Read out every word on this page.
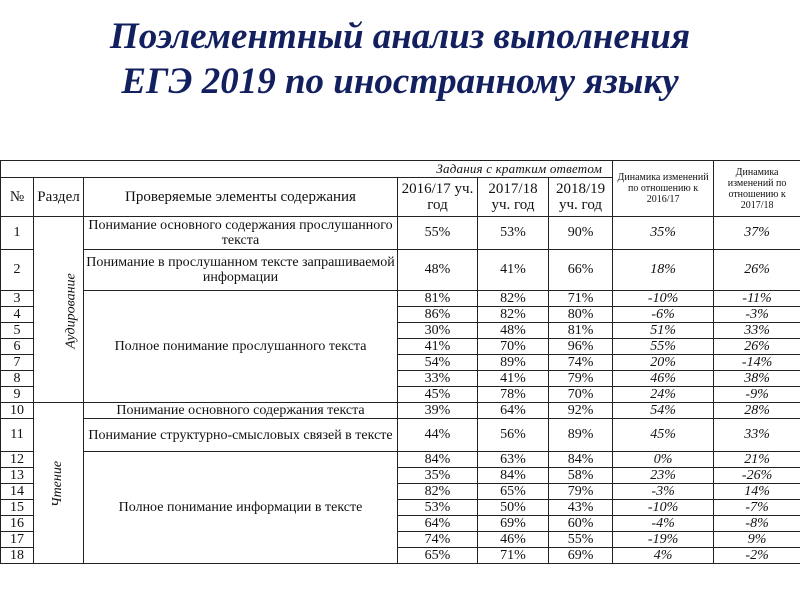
Поэлементный анализ выполнения
ЕГЭ 2019 по иностранному языку
Задания с кратким ответом						Динамика изменений по отношению к 2016/17	Динамика изменений по отношению к 2017/18
№	Раздел	Проверяемые элементы содержания	2016/17 уч. год	2017/18 уч. год	2018/19 уч. год		
1	Аудирование	Понимание основного содержания прослушанного текста	55%	53%	90%	35%	37%
2		Понимание в прослушанном тексте запрашиваемой информации	48%	41%	66%	18%	26%
3		Полное понимание прослушанного текста	81%	82%	71%	-10%	-11%
4			86%	82%	80%	-6%	-3%
5			30%	48%	81%	51%	33%
6			41%	70%	96%	55%	26%
7			54%	89%	74%	20%	-14%
8			33%	41%	79%	46%	38%
9			45%	78%	70%	24%	-9%
10	Чтение	Понимание основного содержания текста	39%	64%	92%	54%	28%
11		Понимание структурно-смысловых связей в тексте	44%	56%	89%	45%	33%
12		Полное понимание информации в тексте	84%	63%	84%	0%	21%
13			35%	84%	58%	23%	-26%
14			82%	65%	79%	-3%	14%
15			53%	50%	43%	-10%	-7%
16			64%	69%	60%	-4%	-8%
17			74%	46%	55%	-19%	9%
18			65%	71%	69%	4%	-2%
